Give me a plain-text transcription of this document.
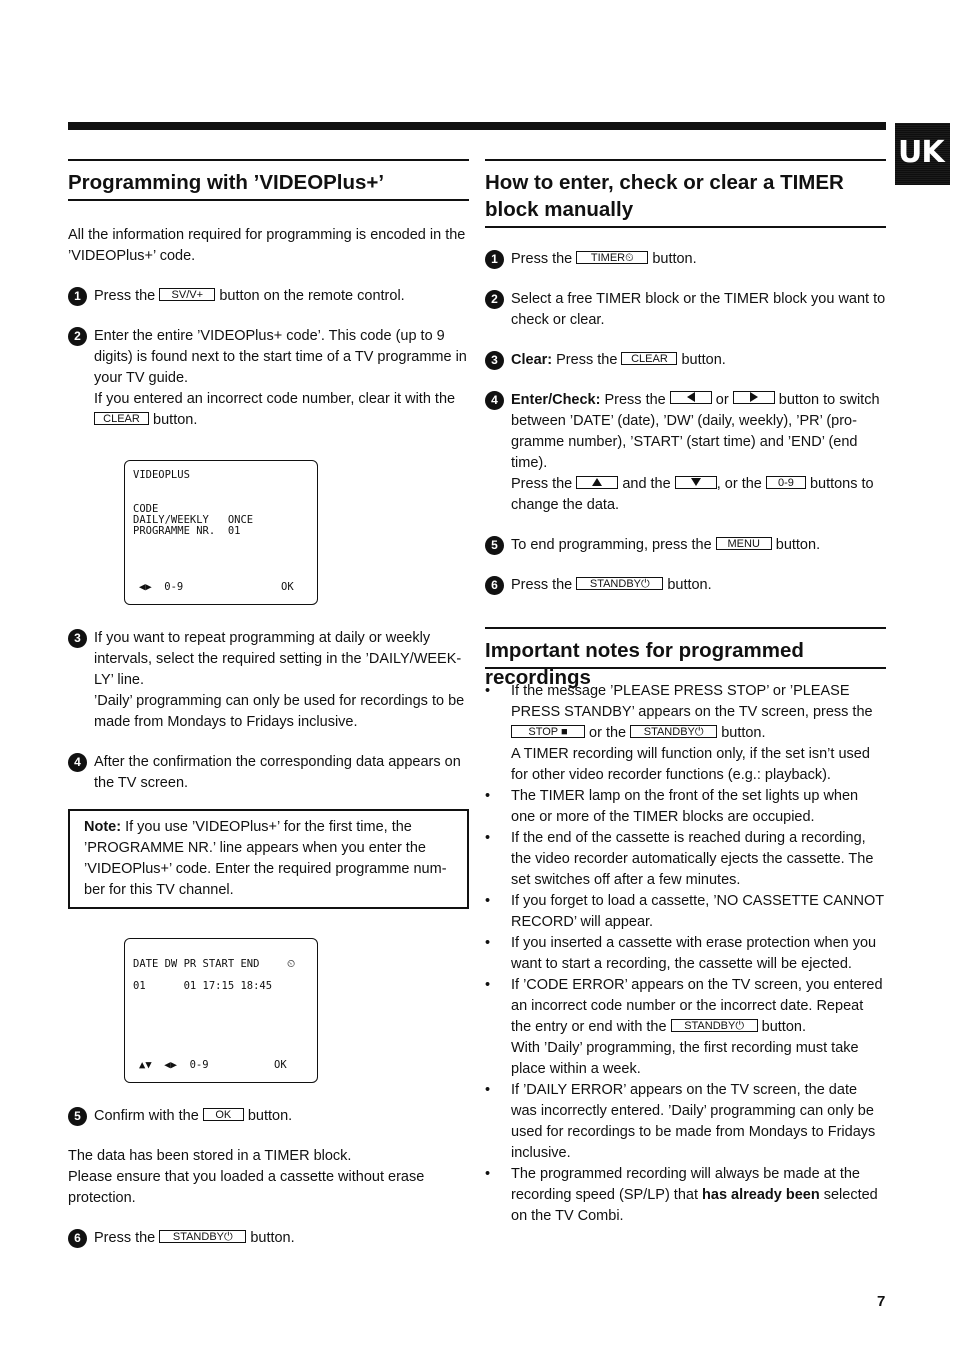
UK
Programming with ’VIDEOPlus+’

All the information required for programming is encoded in the ’VIDEOPlus+’ code.

1 Press the SV/V+ button on the remote control.
2 Enter the entire ’VIDEOPlus+ code’. This code (up to 9 digits) is found next to the start time of a TV programme in your TV guide.
If you entered an incorrect code number, clear it with the
CLEAR button.
VIDEOPLUS
CODE
DAILY/WEEKLY   ONCE
PROGRAMME NR.  01
◀▶  0-9	OK
3 If you want to repeat programming at daily or weekly intervals, select the required setting in the ’DAILY/WEEK-LY’ line.
’Daily’ programming can only be used for recordings to be made from Mondays to Fridays inclusive.
4 After the confirmation the corresponding data appears on the TV screen.

Note: If you use ’VIDEOPlus+’ for the first time, the ’PROGRAMME NR.’ line appears when you enter the ’VIDEOPlus+’ code. Enter the required programme num-ber for this TV channel.

DATE DW PR START END	⏲
01      01 17:15 18:45
▲▼  ◀▶  0-9	OK
5 Confirm with the OK button.

The data has been stored in a TIMER block.

Please ensure that you loaded a cassette without erase protection.

6 Press the STANDBY⏻ button.
How to enter, check or clear a TIMER block manually
1 Press the TIMER⏲ button.
2 Select a free TIMER block or the TIMER block you want to check or clear.
3 Clear: Press the CLEAR button.
4 Enter/Check: Press the	or	button to switch between ’DATE’ (date), ’DW’ (daily, weekly), ’PR’ (pro-gramme number), ’START’ (start time) and ’END’ (end time).
Press the	and the	, or the 0-9 buttons to change the data.
5 To end programming, press the MENU button.
6 Press the STANDBY⏻ button.
Important notes for programmed recordings
• If the message ’PLEASE PRESS STOP’ or ’PLEASE PRESS STANDBY’ appears on the TV screen, press the
STOP ■ or the STANDBY⏻ button.
A TIMER recording will function only, if the set isn’t used for other video recorder functions (e.g.: playback).
• The TIMER lamp on the front of the set lights up when one or more of the TIMER blocks are occupied.
• If the end of the cassette is reached during a recording, the video recorder automatically ejects the cassette. The set switches off after a few minutes.
• If you forget to load a cassette, ’NO CASSETTE CANNOT RECORD’ will appear.
• If you inserted a cassette with erase protection when you want to start a recording, the cassette will be ejected.
• If ’CODE ERROR’ appears on the TV screen, you entered an incorrect code number or the incorrect date. Repeat the entry or end with the STANDBY⏻ button.
With ’Daily’ programming, the first recording must take place within a week.
• If ’DAILY ERROR’ appears on the TV screen, the date was incorrectly entered. ’Daily’ programming can only be used for recordings to be made from Mondays to Fridays inclusive.
• The programmed recording will always be made at the recording speed (SP/LP) that has already been selected on the TV Combi.
7
